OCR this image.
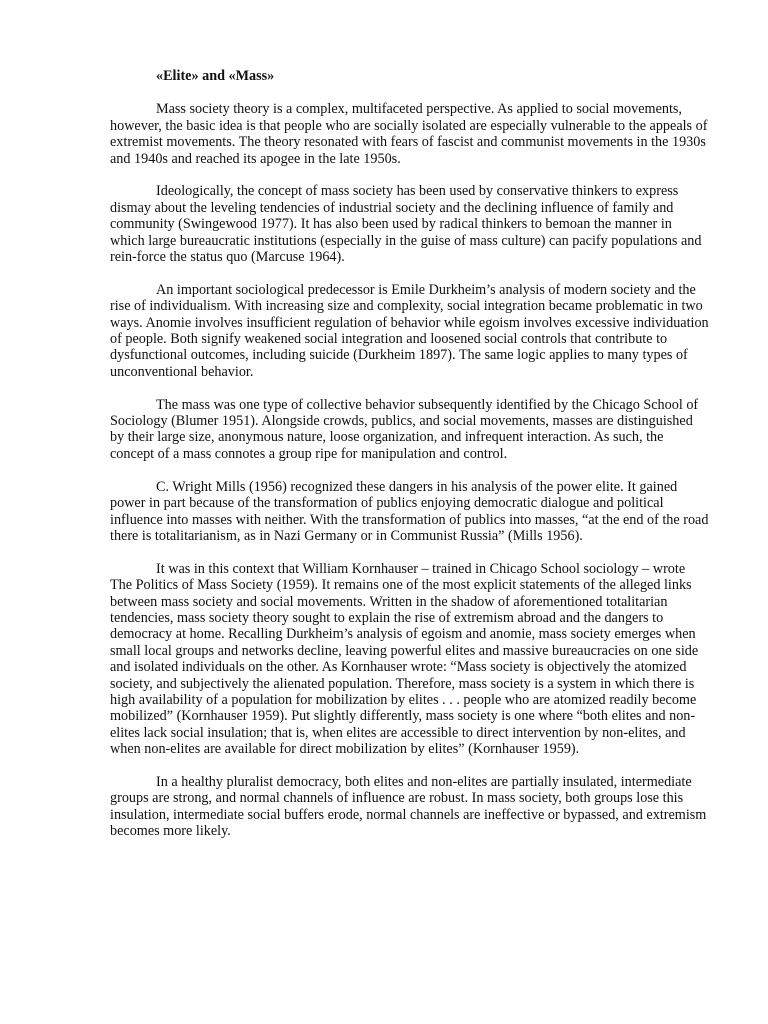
«Elite» and «Mass»

Mass society theory is a complex, multifaceted perspective. As applied to social movements, however, the basic idea is that people who are socially isolated are especially vulnerable to the appeals of extremist movements. The theory resonated with fears of fascist and communist movements in the 1930s and 1940s and reached its apogee in the late 1950s.

Ideologically, the concept of mass society has been used by conservative thinkers to express dismay about the leveling tendencies of industrial society and the declining influence of family and community (Swingewood 1977). It has also been used by radical thinkers to bemoan the manner in which large bureaucratic institutions (especially in the guise of mass culture) can pacify populations and rein-force the status quo (Marcuse 1964).

An important sociological predecessor is Emile Durkheim’s analysis of modern society and the rise of individualism. With increasing size and complexity, social integration became problematic in two ways. Anomie involves insufficient regulation of behavior while egoism involves excessive individuation of people. Both signify weakened social integration and loosened social controls that contribute to dysfunctional outcomes, including suicide (Durkheim 1897). The same logic applies to many types of unconventional behavior.

The mass was one type of collective behavior subsequently identified by the Chicago School of Sociology (Blumer 1951). Alongside crowds, publics, and social movements, masses are distinguished by their large size, anonymous nature, loose organization, and infrequent interaction. As such, the concept of a mass connotes a group ripe for manipulation and control.

C. Wright Mills (1956) recognized these dangers in his analysis of the power elite. It gained power in part because of the transformation of publics enjoying democratic dialogue and political influence into masses with neither. With the transformation of publics into masses, “at the end of the road there is totalitarianism, as in Nazi Germany or in Communist Russia” (Mills 1956).

It was in this context that William Kornhauser – trained in Chicago School sociology – wrote The Politics of Mass Society (1959). It remains one of the most explicit statements of the alleged links between mass society and social movements. Written in the shadow of aforementioned totalitarian tendencies, mass society theory sought to explain the rise of extremism abroad and the dangers to democracy at home. Recalling Durkheim’s analysis of egoism and anomie, mass society emerges when small local groups and networks decline, leaving powerful elites and massive bureaucracies on one side and isolated individuals on the other. As Kornhauser wrote: “Mass society is objectively the atomized society, and subjectively the alienated population. Therefore, mass society is a system in which there is high availability of a population for mobilization by elites . . . people who are atomized readily become mobilized” (Kornhauser 1959). Put slightly differently, mass society is one where “both elites and non-elites lack social insulation; that is, when elites are accessible to direct intervention by non-elites, and when non-elites are available for direct mobilization by elites” (Kornhauser 1959).

In a healthy pluralist democracy, both elites and non-elites are partially insulated, intermediate groups are strong, and normal channels of influence are robust. In mass society, both groups lose this insulation, intermediate social buffers erode, normal channels are ineffective or bypassed, and extremism becomes more likely.
